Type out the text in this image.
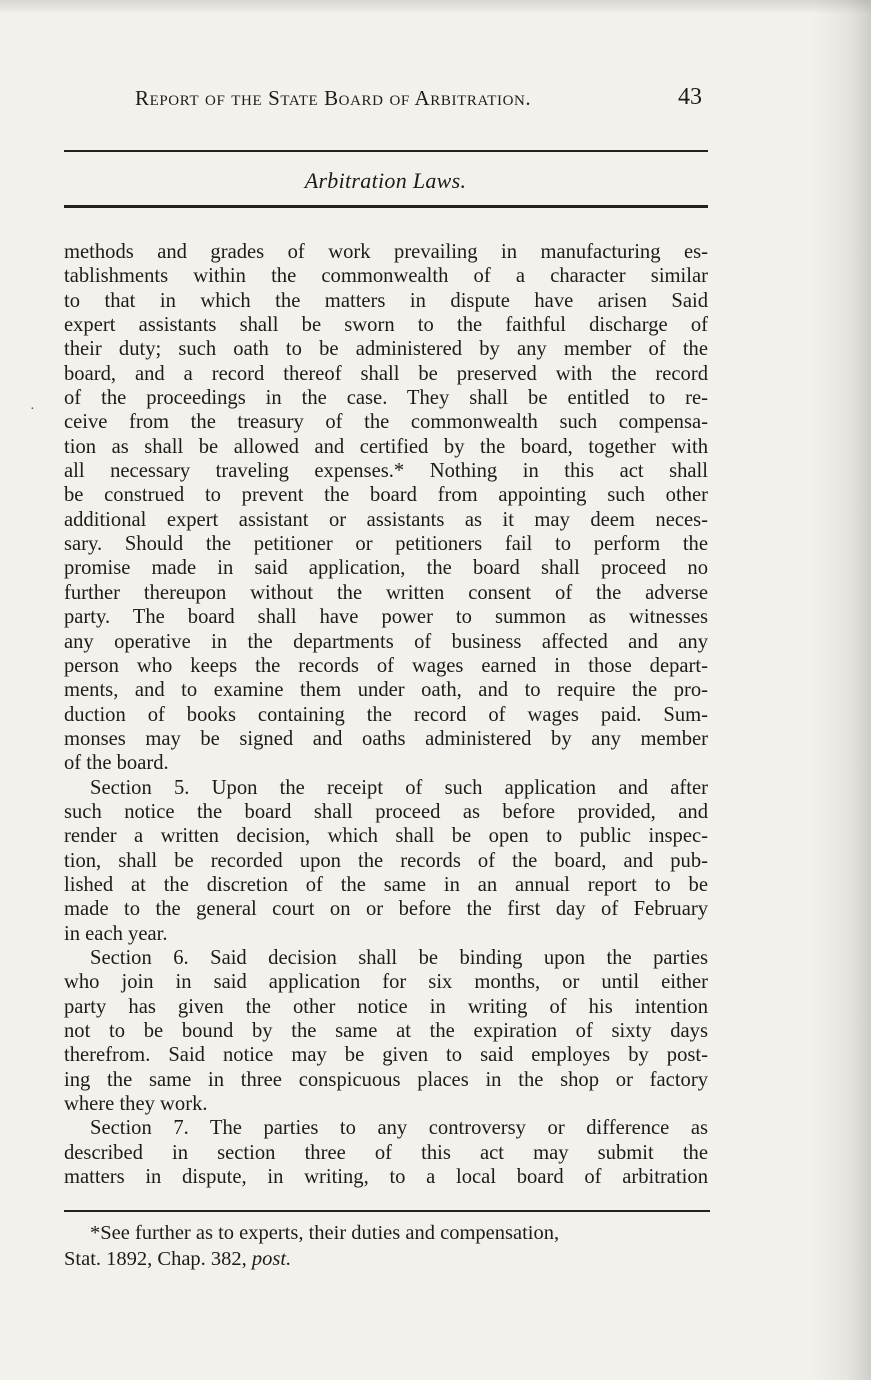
Report of the State Board of Arbitration.	43
Arbitration Laws.
·
methods and grades of work prevailing in manufacturing es-
tablishments within the commonwealth of a character similar
to that in which the matters in dispute have arisen Said
expert assistants shall be sworn to the faithful discharge of
their duty; such oath to be administered by any member of the
board, and a record thereof shall be preserved with the record
of the proceedings in the case. They shall be entitled to re-
ceive from the treasury of the commonwealth such compensa-
tion as shall be allowed and certified by the board, together with
all necessary traveling expenses.* Nothing in this act shall
be construed to prevent the board from appointing such other
additional expert assistant or assistants as it may deem neces-
sary. Should the petitioner or petitioners fail to perform the
promise made in said application, the board shall proceed no
further thereupon without the written consent of the adverse
party. The board shall have power to summon as witnesses
any operative in the departments of business affected and any
person who keeps the records of wages earned in those depart-
ments, and to examine them under oath, and to require the pro-
duction of books containing the record of wages paid. Sum-
monses may be signed and oaths administered by any member
of the board.
Section 5. Upon the receipt of such application and after
such notice the board shall proceed as before provided, and
render a written decision, which shall be open to public inspec-
tion, shall be recorded upon the records of the board, and pub-
lished at the discretion of the same in an annual report to be
made to the general court on or before the first day of February
in each year.
Section 6. Said decision shall be binding upon the parties
who join in said application for six months, or until either
party has given the other notice in writing of his intention
not to be bound by the same at the expiration of sixty days
therefrom. Said notice may be given to said employes by post-
ing the same in three conspicuous places in the shop or factory
where they work.
Section 7. The parties to any controversy or difference as
described in section three of this act may submit the
matters in dispute, in writing, to a local board of arbitration
*See further as to experts, their duties and compensation,
Stat. 1892, Chap. 382, post.
